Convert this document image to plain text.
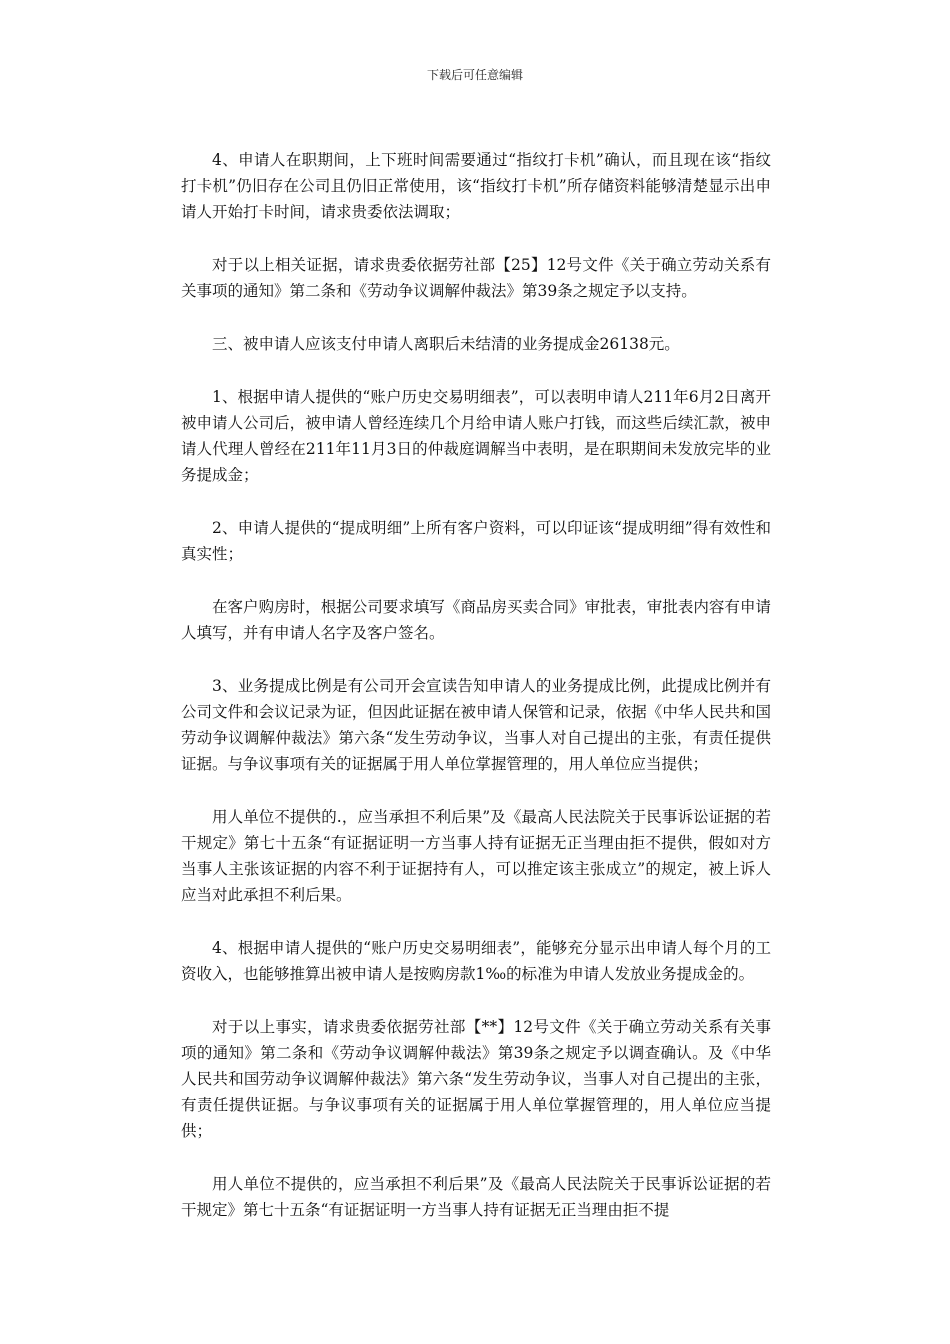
下载后可任意编辑

4、申请人在职期间，上下班时间需要通过“指纹打卡机”确认，而且现在该“指纹打卡机”仍旧存在公司且仍旧正常使用，该“指纹打卡机”所存储资料能够清楚显示出申请人开始打卡时间，请求贵委依法调取；

对于以上相关证据，请求贵委依据劳社部【25】12号文件《关于确立劳动关系有关事项的通知》第二条和《劳动争议调解仲裁法》第39条之规定予以支持。

三、被申请人应该支付申请人离职后未结清的业务提成金26138元。

1、根据申请人提供的“账户历史交易明细表”，可以表明申请人211年6月2日离开被申请人公司后，被申请人曾经连续几个月给申请人账户打钱，而这些后续汇款，被申请人代理人曾经在211年11月3日的仲裁庭调解当中表明，是在职期间未发放完毕的业务提成金；

2、申请人提供的“提成明细”上所有客户资料，可以印证该“提成明细”得有效性和真实性；

在客户购房时，根据公司要求填写《商品房买卖合同》审批表，审批表内容有申请人填写，并有申请人名字及客户签名。

3、业务提成比例是有公司开会宣读告知申请人的业务提成比例，此提成比例并有公司文件和会议记录为证，但因此证据在被申请人保管和记录，依据《中华人民共和国劳动争议调解仲裁法》第六条“发生劳动争议，当事人对自己提出的主张，有责任提供证据。与争议事项有关的证据属于用人单位掌握管理的，用人单位应当提供；

用人单位不提供的.，应当承担不利后果”及《最高人民法院关于民事诉讼证据的若干规定》第七十五条“有证据证明一方当事人持有证据无正当理由拒不提供，假如对方当事人主张该证据的内容不利于证据持有人，可以推定该主张成立”的规定，被上诉人应当对此承担不利后果。

4、根据申请人提供的“账户历史交易明细表”，能够充分显示出申请人每个月的工资收入，也能够推算出被申请人是按购房款1‰的标准为申请人发放业务提成金的。

对于以上事实，请求贵委依据劳社部【**】12号文件《关于确立劳动关系有关事项的通知》第二条和《劳动争议调解仲裁法》第39条之规定予以调查确认。及《中华人民共和国劳动争议调解仲裁法》第六条“发生劳动争议，当事人对自己提出的主张，有责任提供证据。与争议事项有关的证据属于用人单位掌握管理的，用人单位应当提供；

用人单位不提供的，应当承担不利后果”及《最高人民法院关于民事诉讼证据的若干规定》第七十五条“有证据证明一方当事人持有证据无正当理由拒不提
